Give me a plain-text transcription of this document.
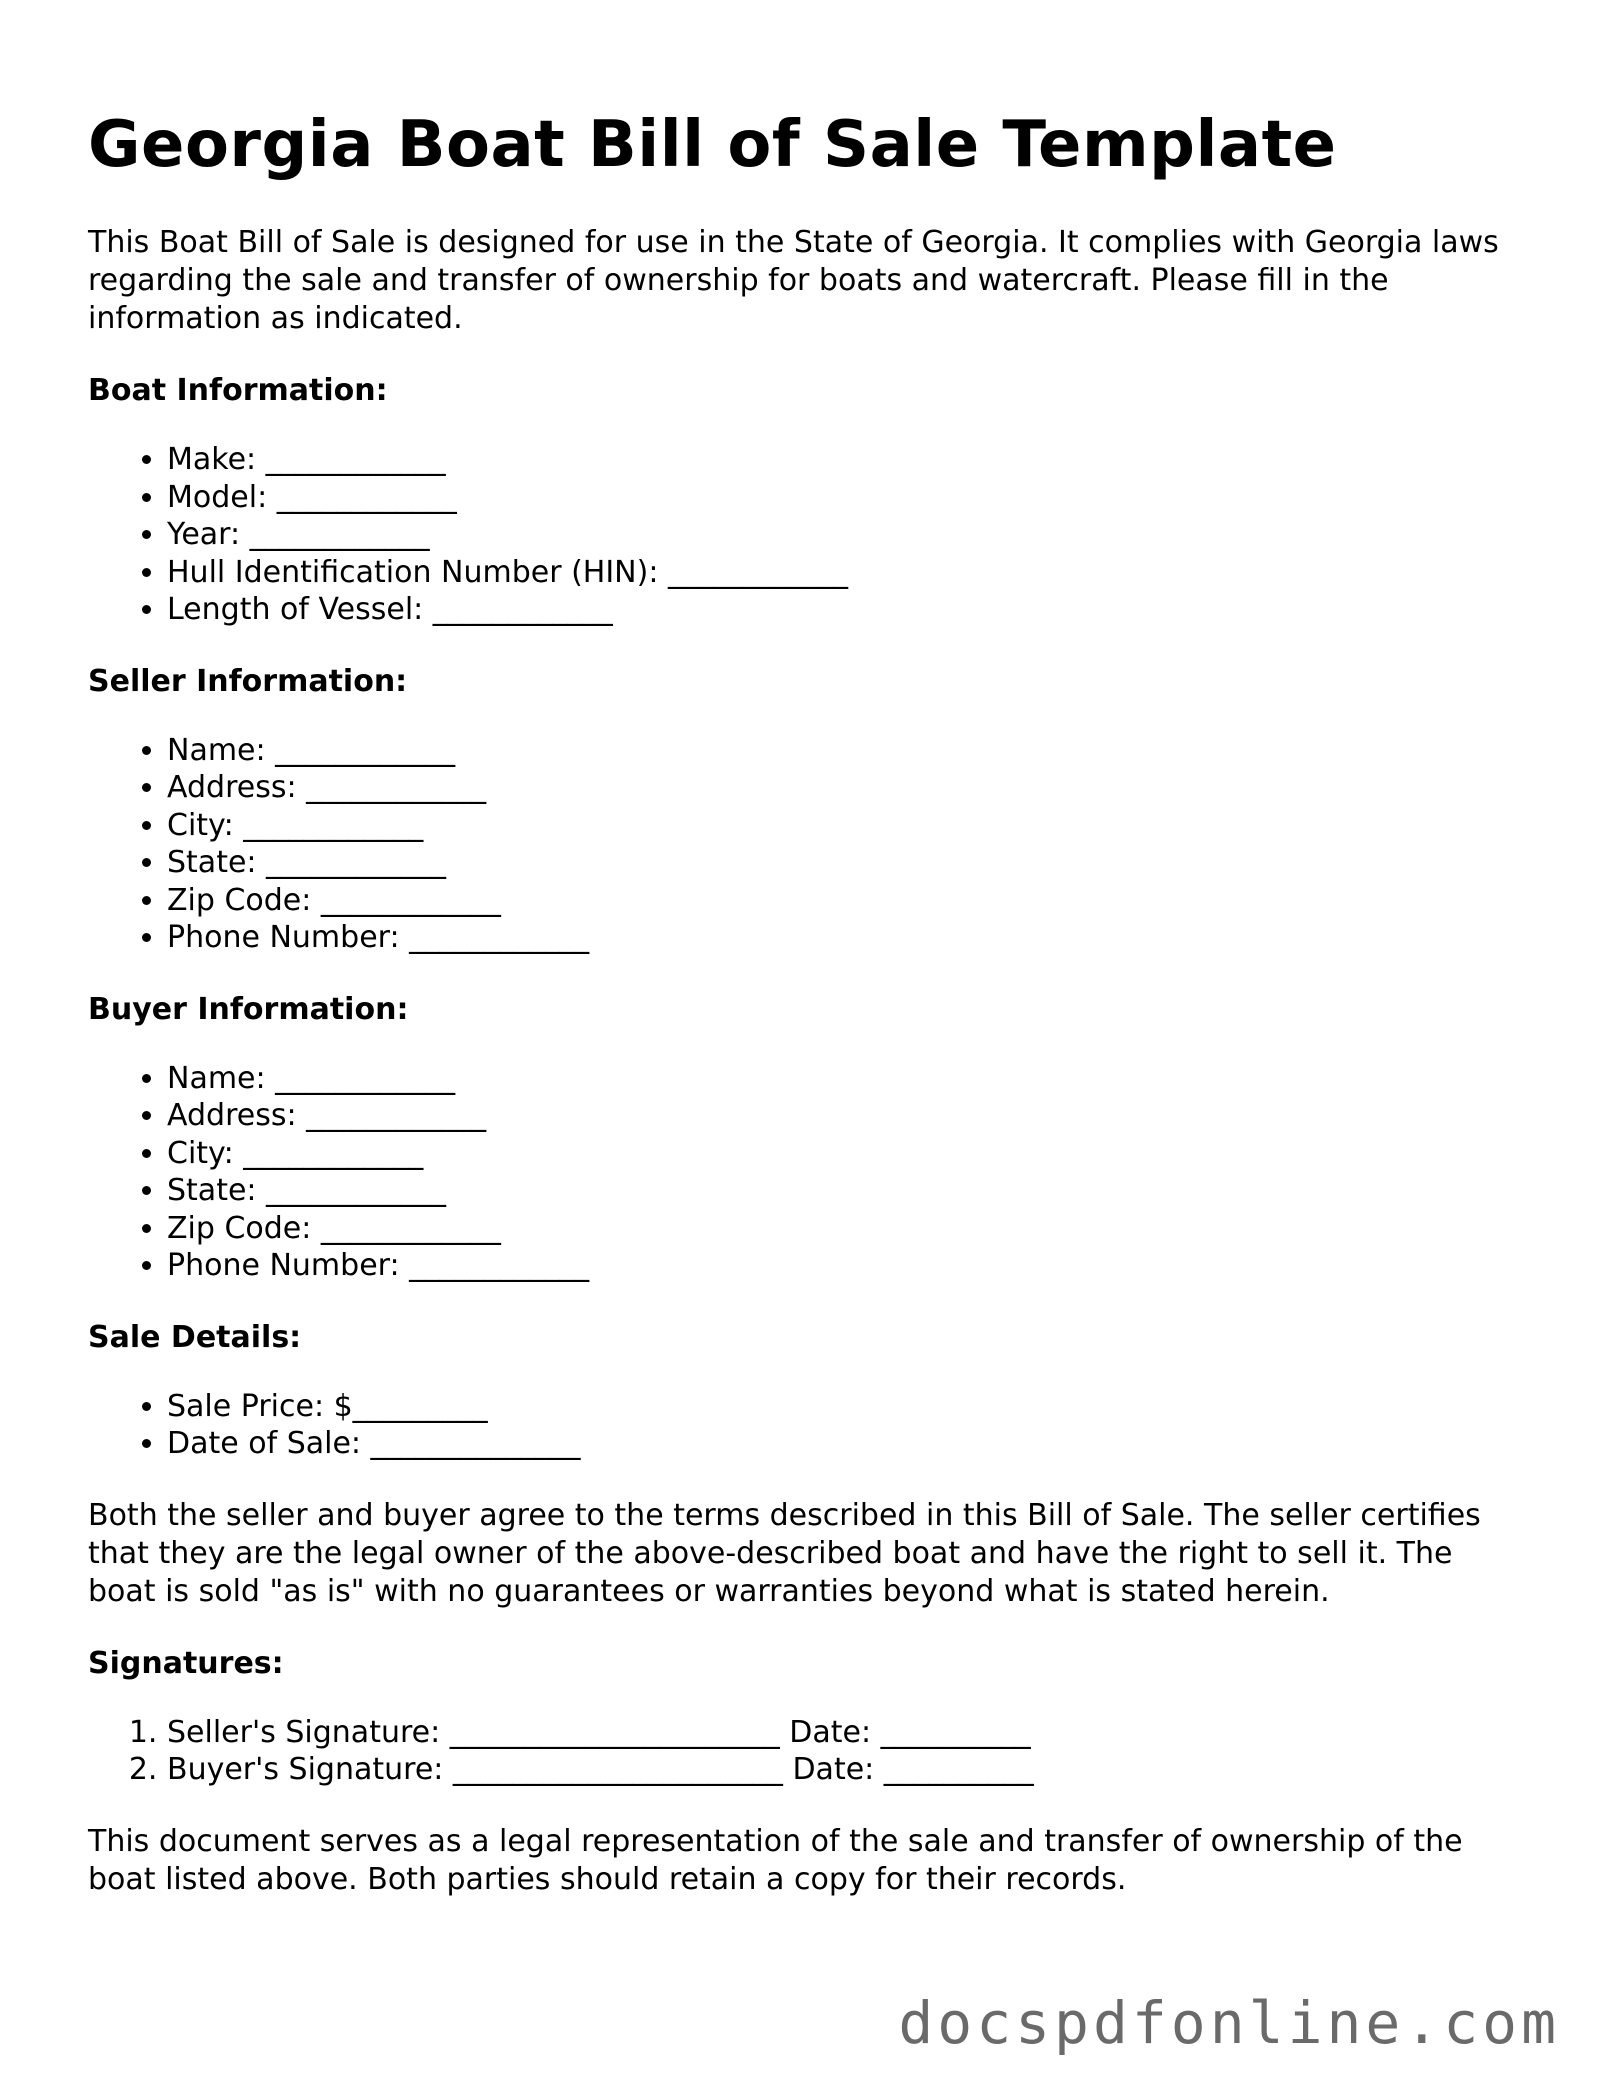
Georgia Boat Bill of Sale Template

This Boat Bill of Sale is designed for use in the State of Georgia. It complies with Georgia laws regarding the sale and transfer of ownership for boats and watercraft. Please fill in the information as indicated.

Boat Information:
• Make: ____________
• Model: ____________
• Year: ____________
• Hull Identification Number (HIN): ____________
• Length of Vessel: ____________
Seller Information:
• Name: ____________
• Address: ____________
• City: ____________
• State: ____________
• Zip Code: ____________
• Phone Number: ____________
Buyer Information:
• Name: ____________
• Address: ____________
• City: ____________
• State: ____________
• Zip Code: ____________
• Phone Number: ____________
Sale Details:
• Sale Price: $_________
• Date of Sale: ______________

Both the seller and buyer agree to the terms described in this Bill of Sale. The seller certifies that they are the legal owner of the above-described boat and have the right to sell it. The boat is sold "as is" with no guarantees or warranties beyond what is stated herein.

Signatures:
1. Seller's Signature: ______________________ Date: __________
2. Buyer's Signature: ______________________ Date: __________

This document serves as a legal representation of the sale and transfer of ownership of the boat listed above. Both parties should retain a copy for their records.

docspdfonline.com
